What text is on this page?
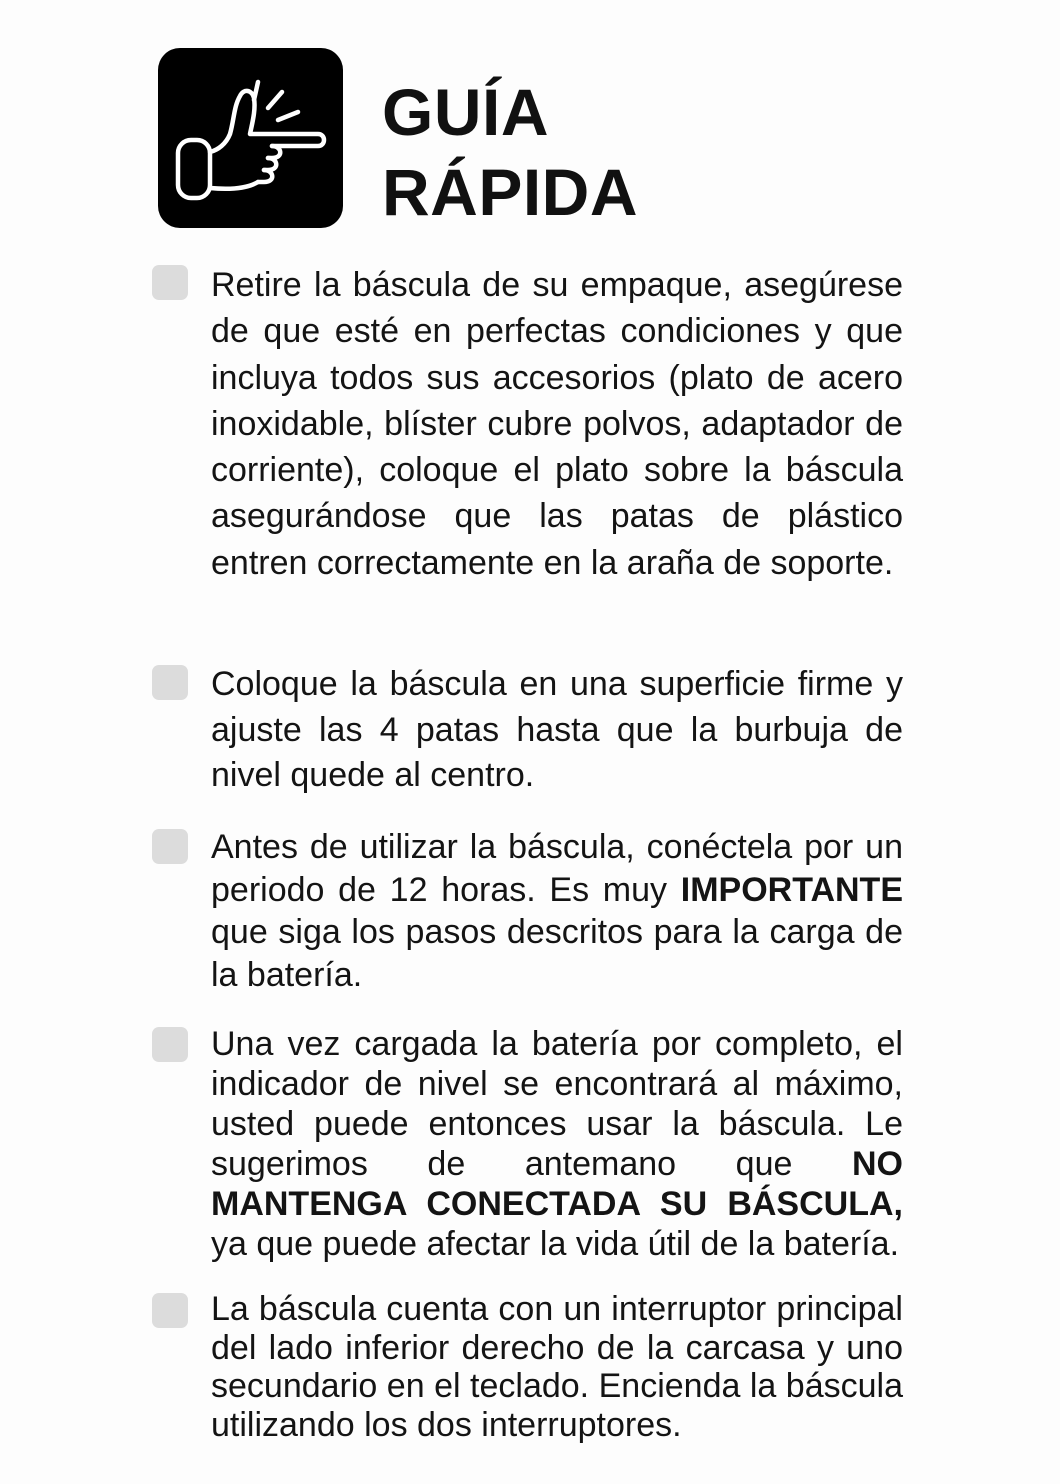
GUÍA
RÁPIDA

Retire la báscula de su empaque, asegúrese de que esté en perfectas condiciones y que incluya todos sus accesorios (plato de acero inoxidable, blíster cubre polvos, adaptador de corriente), coloque el plato sobre la báscula asegurándose que las patas de plástico entren correctamente en la araña de soporte.

Coloque la báscula en una superficie firme y ajuste las 4 patas hasta que la burbuja de nivel quede al centro.

Antes de utilizar la báscula, conéctela por un periodo de 12 horas. Es muy IMPORTANTE que siga los pasos descritos para la carga de la batería.

Una vez cargada la batería por completo, el indicador de nivel se encontrará al máximo, usted puede entonces usar la báscula. Le sugerimos de antemano que NO MANTENGA CONECTADA SU BÁSCULA, ya que puede afectar la vida útil de la batería.

La báscula cuenta con un interruptor principal del lado inferior derecho de la carcasa y uno secundario en el teclado. Encienda la báscula utilizando los dos interruptores.
